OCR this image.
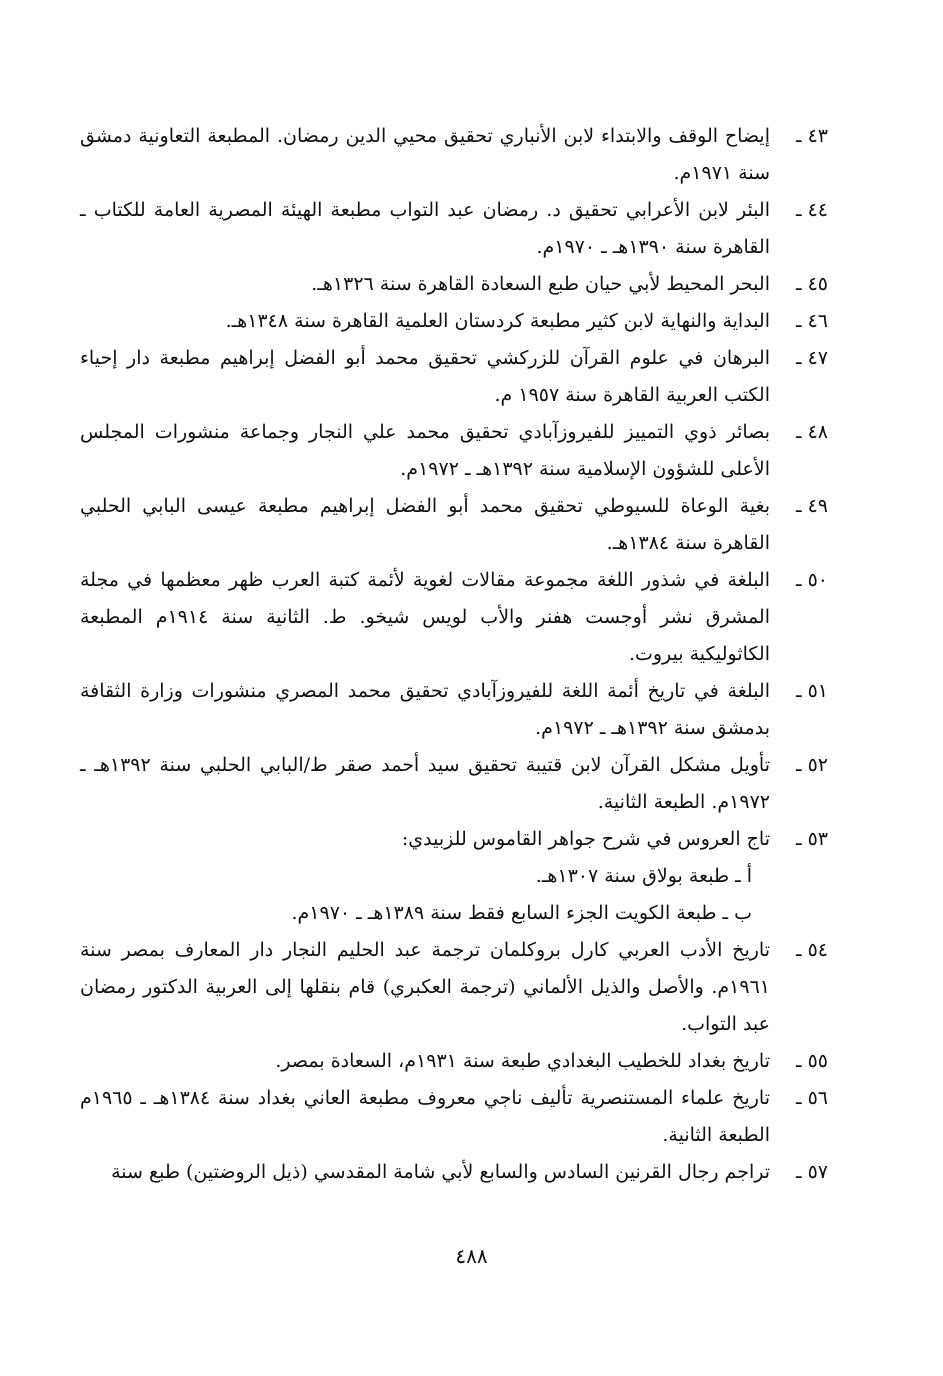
٤٣ ـ
إيضاح الوقف والابتداء لابن الأنباري تحقيق محيي الدين رمضان. المطبعة التعاونية دمشق سنة ١٩٧١م.
٤٤ ـ
البئر لابن الأعرابي تحقيق د. رمضان عبد التواب مطبعة الهيئة المصرية العامة للكتاب ـ القاهرة سنة ١٣٩٠هـ ـ ١٩٧٠م.
٤٥ ـ
البحر المحيط لأبي حيان طبع السعادة القاهرة سنة ١٣٢٦هـ.
٤٦ ـ
البداية والنهاية لابن كثير مطبعة كردستان العلمية القاهرة سنة ١٣٤٨هـ.
٤٧ ـ
البرهان في علوم القرآن للزركشي تحقيق محمد أبو الفضل إبراهيم مطبعة دار إحياء الكتب العربية القاهرة سنة ١٩٥٧ م.
٤٨ ـ
بصائر ذوي التمييز للفيروزآبادي تحقيق محمد علي النجار وجماعة منشورات المجلس الأعلى للشؤون الإسلامية سنة ١٣٩٢هـ ـ ١٩٧٢م.
٤٩ ـ
بغية الوعاة للسيوطي تحقيق محمد أبو الفضل إبراهيم مطبعة عيسى البابي الحلبي القاهرة سنة ١٣٨٤هـ.
٥٠ ـ
البلغة في شذور اللغة مجموعة مقالات لغوية لأئمة كتبة العرب ظهر معظمها في مجلة المشرق نشر أوجست هفنر والأب لويس شيخو. ط. الثانية سنة ١٩١٤م المطبعة الكاثوليكية بيروت.
٥١ ـ
البلغة في تاريخ أئمة اللغة للفيروزآبادي تحقيق محمد المصري منشورات وزارة الثقافة بدمشق سنة ١٣٩٢هـ ـ ١٩٧٢م.
٥٢ ـ
تأويل مشكل القرآن لابن قتيبة تحقيق سيد أحمد صقر ط/البابي الحلبي سنة ١٣٩٢هـ ـ ١٩٧٢م. الطبعة الثانية.
٥٣ ـ
تاج العروس في شرح جواهر القاموس للزبيدي:
أ ـ طبعة بولاق سنة ١٣٠٧هـ.
ب ـ طبعة الكويت الجزء السابع فقط سنة ١٣٨٩هـ ـ ١٩٧٠م.
٥٤ ـ
تاريخ الأدب العربي كارل بروكلمان ترجمة عبد الحليم النجار دار المعارف بمصر سنة ١٩٦١م. والأصل والذيل الألماني (ترجمة العكبري) قام بنقلها إلى العربية الدكتور رمضان عبد التواب.
٥٥ ـ
تاريخ بغداد للخطيب البغدادي طبعة سنة ١٩٣١م، السعادة بمصر.
٥٦ ـ
تاريخ علماء المستنصرية تأليف ناجي معروف مطبعة العاني بغداد سنة ١٣٨٤هـ ـ ١٩٦٥م الطبعة الثانية.
٥٧ ـ
تراجم رجال القرنين السادس والسابع لأبي شامة المقدسي (ذيل الروضتين) طبع سنة
٤٨٨
